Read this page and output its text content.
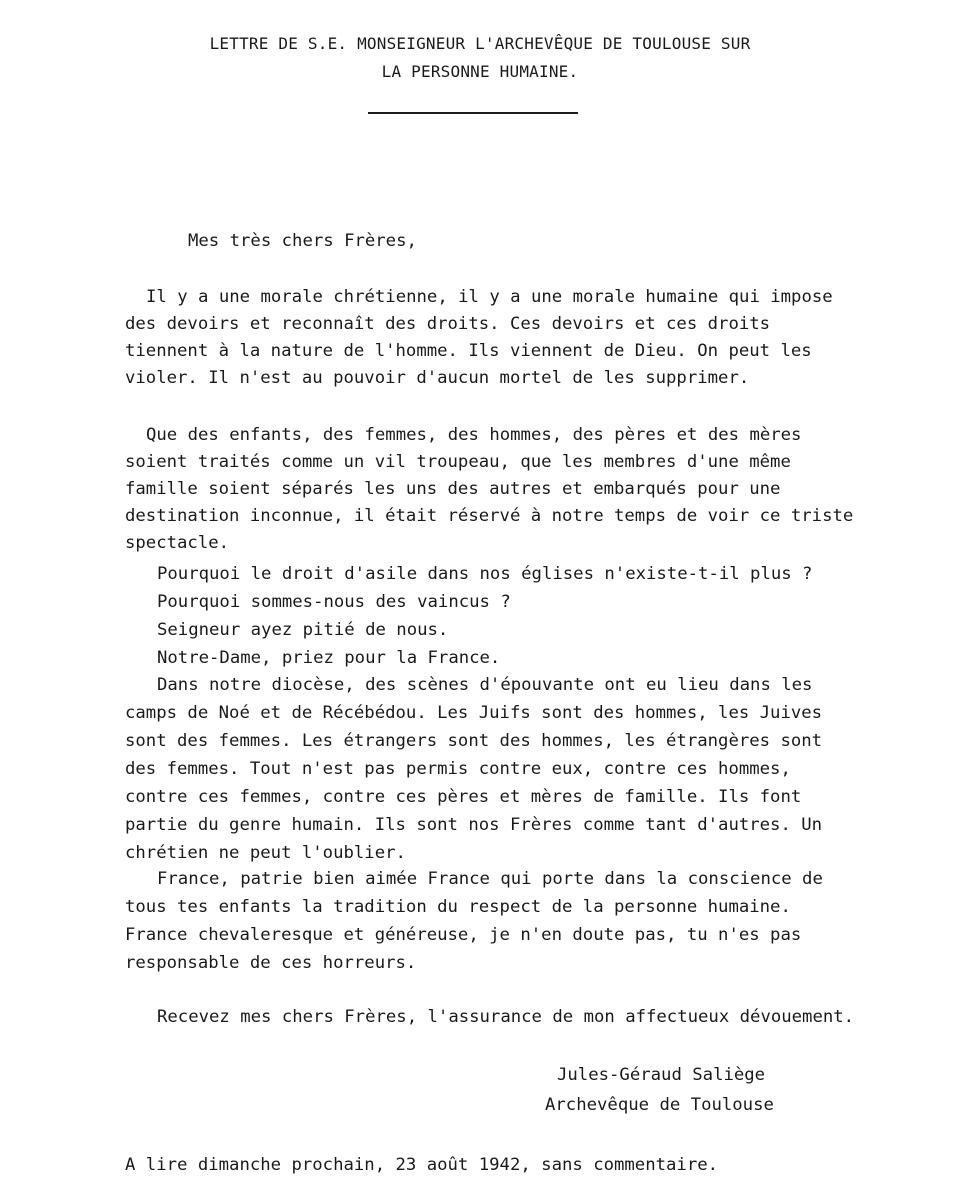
LETTRE DE S.E. MONSEIGNEUR L'ARCHEVÊQUE DE TOULOUSE SUR
LA PERSONNE HUMAINE.
Mes très chers Frères,
Il y a une morale chrétienne, il y a une morale humaine qui impose
des devoirs et reconnaît des droits. Ces devoirs et ces droits
tiennent à la nature de l'homme. Ils viennent de Dieu. On peut les
violer. Il n'est au pouvoir d'aucun mortel de les supprimer.
Que des enfants, des femmes, des hommes, des pères et des mères
soient traités comme un vil troupeau, que les membres d'une même
famille soient séparés les uns des autres et embarqués pour une
destination inconnue, il était réservé à notre temps de voir ce triste
spectacle.
Pourquoi le droit d'asile dans nos églises n'existe-t-il plus ?
Pourquoi sommes-nous des vaincus ?
Seigneur ayez pitié de nous.
Notre-Dame, priez pour la France.
Dans notre diocèse, des scènes d'épouvante ont eu lieu dans les
camps de Noé et de Récébédou. Les Juifs sont des hommes, les Juives
sont des femmes. Les étrangers sont des hommes, les étrangères sont
des femmes. Tout n'est pas permis contre eux, contre ces hommes,
contre ces femmes, contre ces pères et mères de famille. Ils font
partie du genre humain. Ils sont nos Frères comme tant d'autres. Un
chrétien ne peut l'oublier.
France, patrie bien aimée France qui porte dans la conscience de
tous tes enfants la tradition du respect de la personne humaine.
France chevaleresque et généreuse, je n'en doute pas, tu n'es pas
responsable de ces horreurs.
Recevez mes chers Frères, l'assurance de mon affectueux dévouement.
Jules-Géraud Saliège
Archevêque de Toulouse
A lire dimanche prochain, 23 août 1942, sans commentaire.
